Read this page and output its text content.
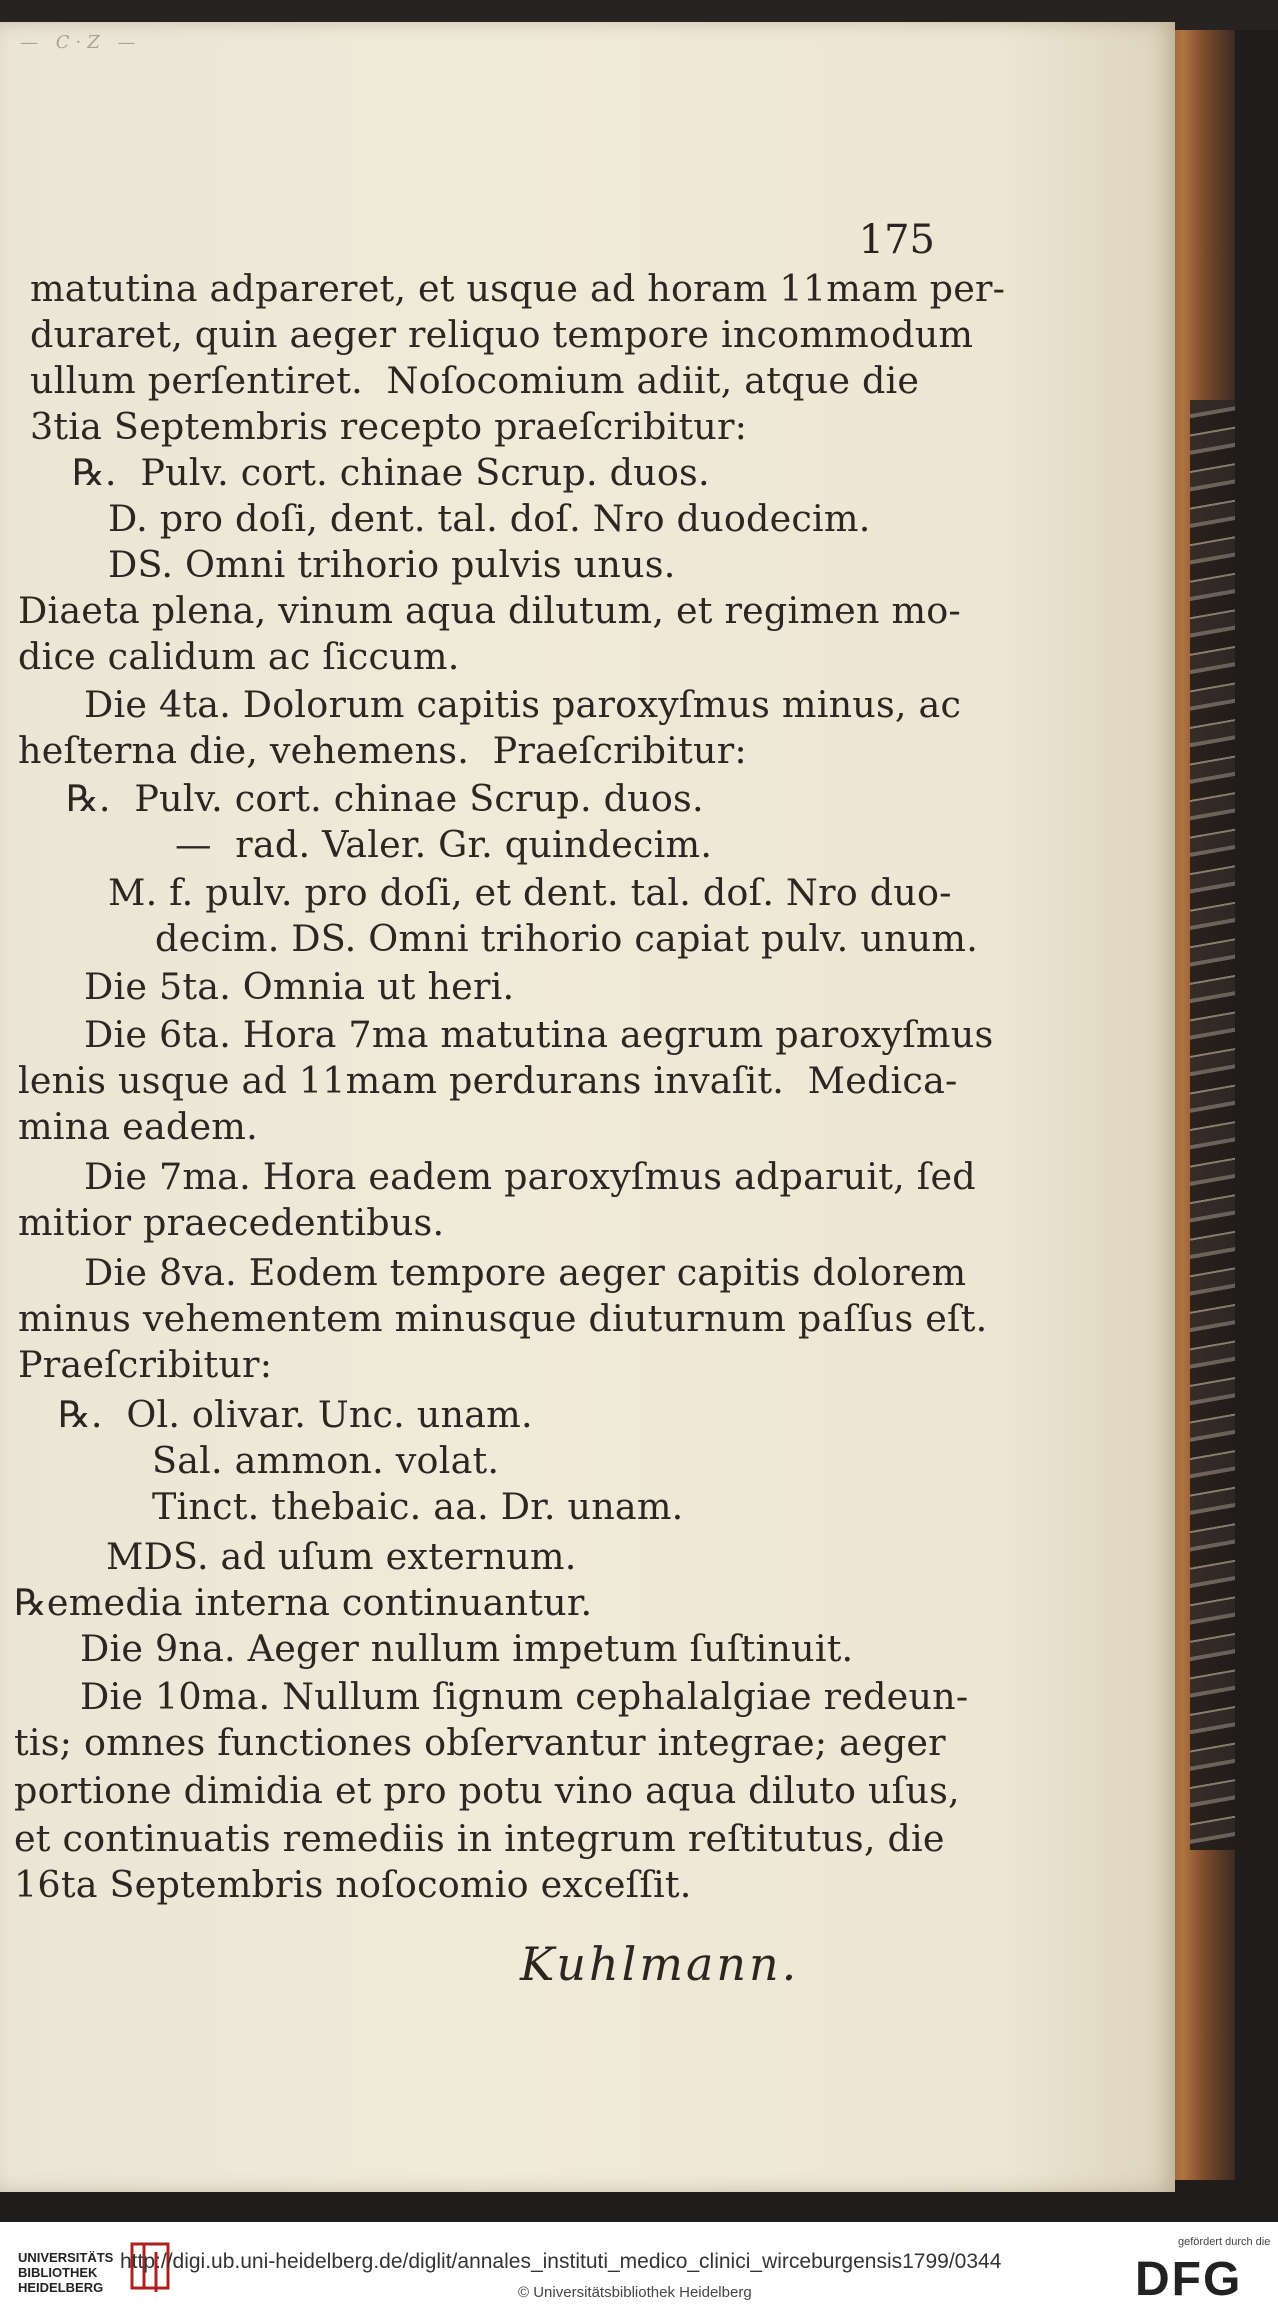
— C·Z —
175
matutina adpareret, et usque ad horam 11mam per-
duraret, quin aeger reliquo tempore incommodum
ullum perſentiret.  Noſocomium adiit, atque die
3tia Septembris recepto praeſcribitur:
℞.  Pulv. cort. chinae Scrup. duos.
D. pro doſi, dent. tal. doſ. Nro duodecim.
DS. Omni trihorio pulvis unus.
Diaeta plena, vinum aqua dilutum, et regimen mo-
dice calidum ac ſiccum.
Die 4ta. Dolorum capitis paroxyſmus minus, ac
heſterna die, vehemens.  Praeſcribitur:
℞.  Pulv. cort. chinae Scrup. duos.
—  rad. Valer. Gr. quindecim.
M. f. pulv. pro doſi, et dent. tal. doſ. Nro duo-
decim. DS. Omni trihorio capiat pulv. unum.
Die 5ta. Omnia ut heri.
Die 6ta. Hora 7ma matutina aegrum paroxyſmus
lenis usque ad 11mam perdurans invaſit.  Medica-
mina eadem.
Die 7ma. Hora eadem paroxyſmus adparuit, ſed
mitior praecedentibus.
Die 8va. Eodem tempore aeger capitis dolorem
minus vehementem minusque diuturnum paſſus eſt.
Praeſcribitur:
℞.  Ol. olivar. Unc. unam.
Sal. ammon. volat.
Tinct. thebaic. aa. Dr. unam.
MDS. ad uſum externum.
℞emedia interna continuantur.
Die 9na. Aeger nullum impetum ſuſtinuit.
Die 10ma. Nullum ſignum cephalalgiae redeun-
tis; omnes functiones obſervantur integrae; aeger
portione dimidia et pro potu vino aqua diluto uſus,
et continuatis remediis in integrum reſtitutus, die
16ta Septembris noſocomio exceſſit.
Kuhlmann.
UNIVERSITÄTS BIBLIOTHEK HEIDELBERG
http://digi.ub.uni-heidelberg.de/diglit/annales_instituti_medico_clinici_wirceburgensis1799/0344
© Universitätsbibliothek Heidelberg
gefördert durch die
DFG
